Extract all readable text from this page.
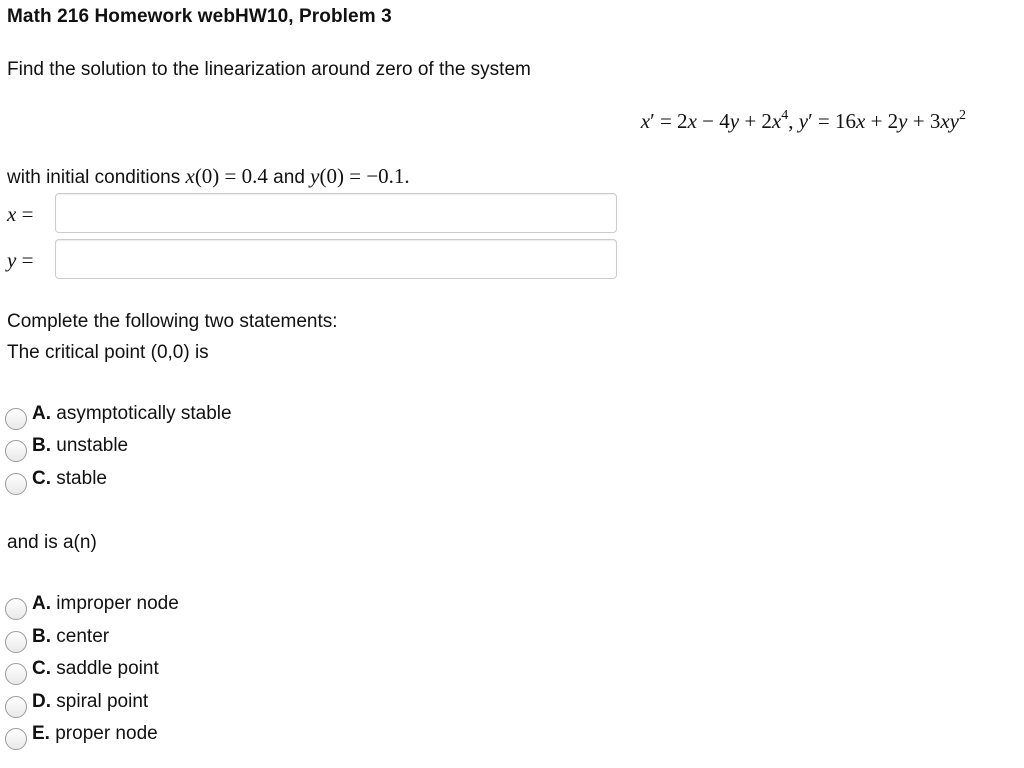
Math 216 Homework webHW10, Problem 3
Find the solution to the linearization around zero of the system
$x' = 2x - 4y + 2x^4$, $y' = 16x + 2y + 3xy^2$
with initial conditions x(0) = 0.4 and y(0) = −0.1.
x =
y =
Complete the following two statements:
The critical point (0,0) is
A. asymptotically stable
B. unstable
C. stable
and is a(n)
A. improper node
B. center
C. saddle point
D. spiral point
E. proper node
